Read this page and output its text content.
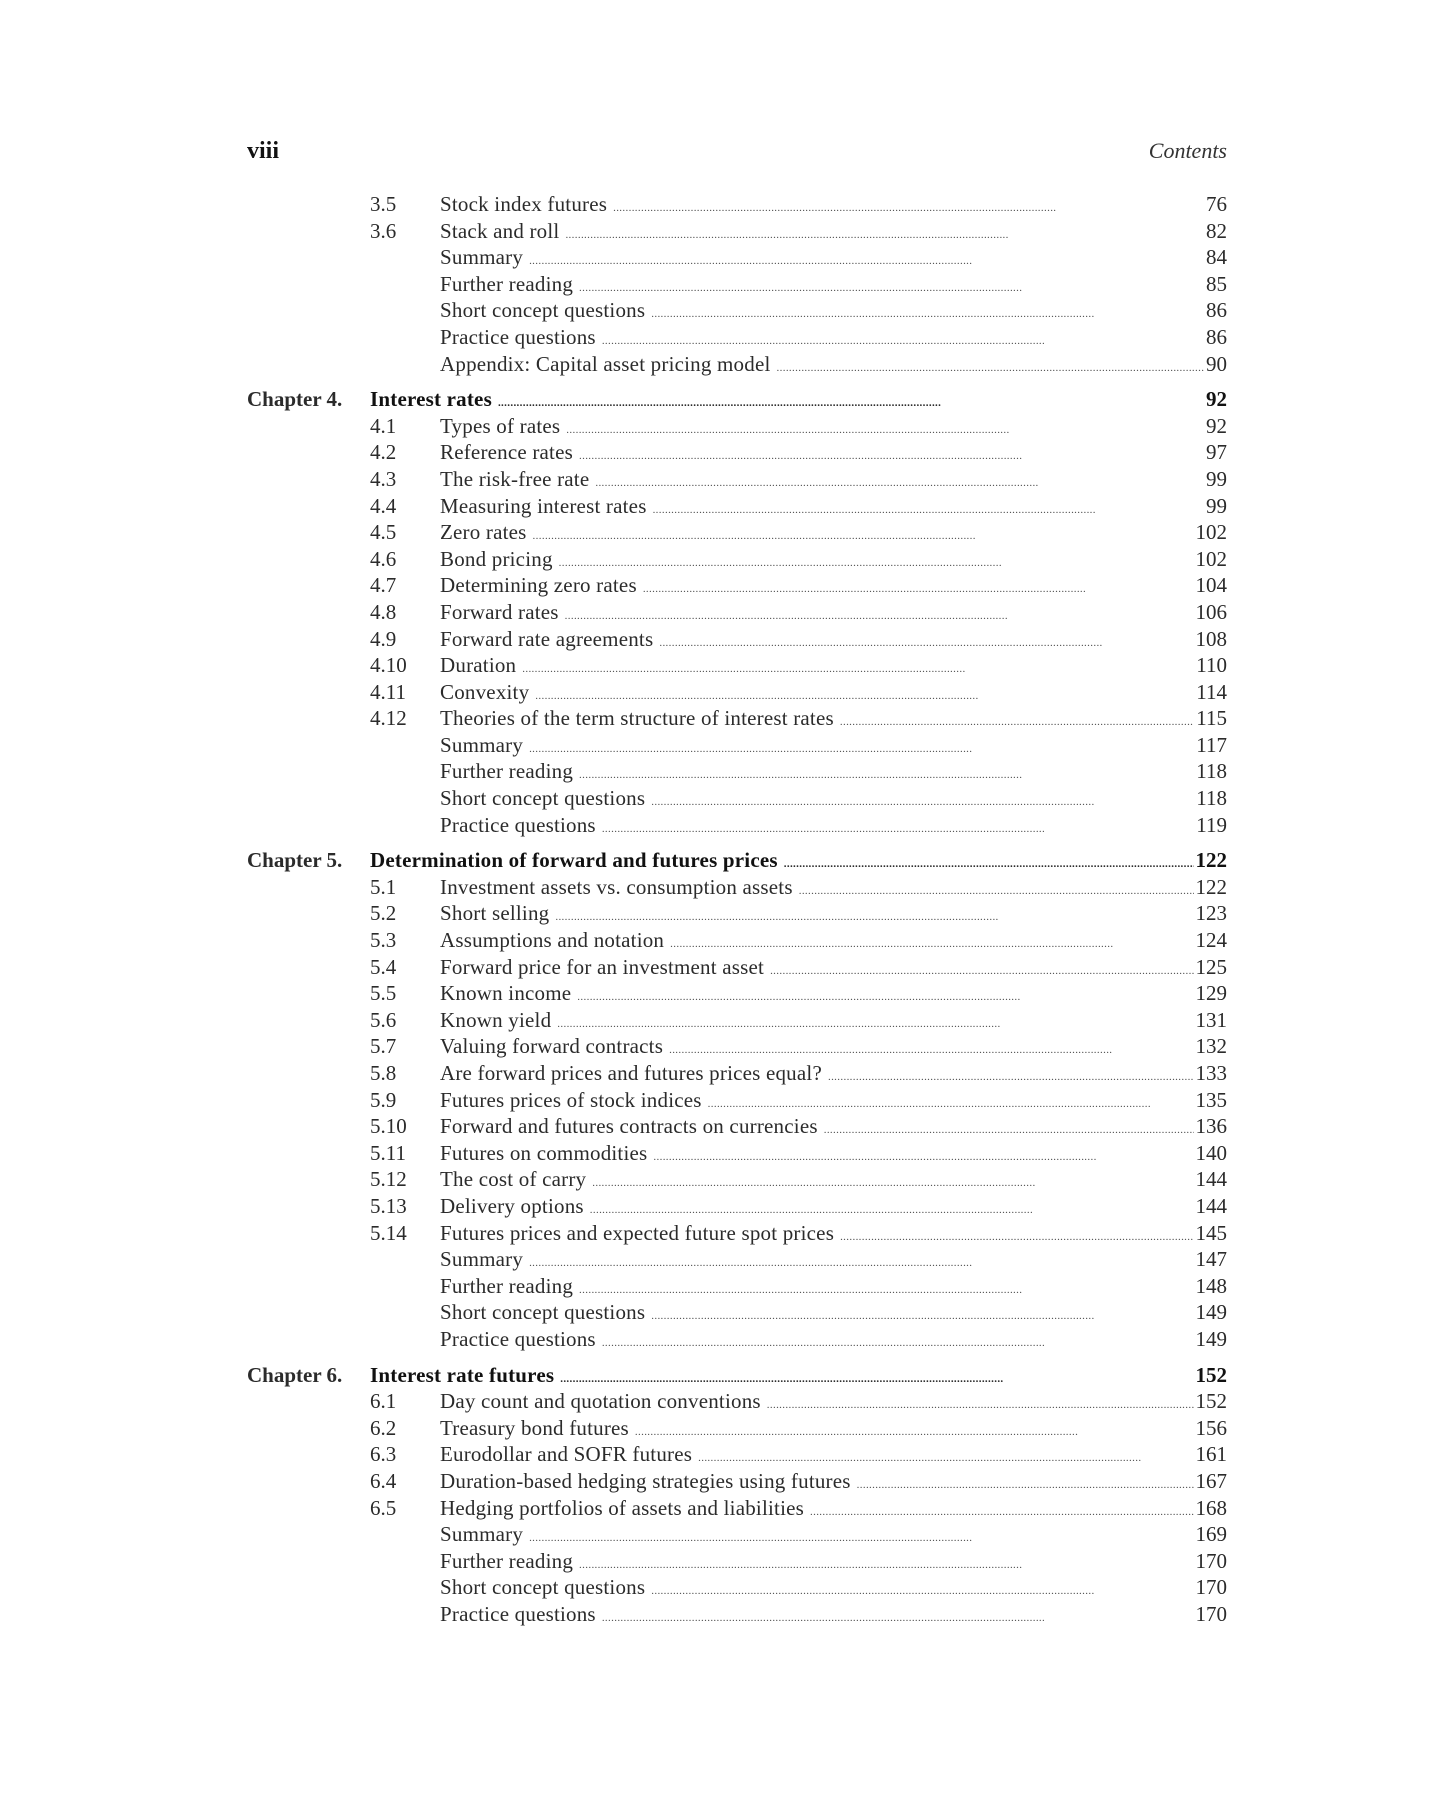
viii	Contents
3.5 Stock index futures . . .	76
3.6 Stack and roll . . .	82
Summary . . .	84
Further reading . . .	85
Short concept questions . . .	86
Practice questions . . .	86
Appendix: Capital asset pricing model . . .	90
Chapter 4. Interest rates . . .	92
4.1 Types of rates . . .	92
4.2 Reference rates . . .	97
4.3 The risk-free rate . . .	99
4.4 Measuring interest rates . . .	99
4.5 Zero rates . . .	102
4.6 Bond pricing . . .	102
4.7 Determining zero rates . . .	104
4.8 Forward rates . . .	106
4.9 Forward rate agreements . . .	108
4.10 Duration . . .	110
4.11 Convexity . . .	114
4.12 Theories of the term structure of interest rates . . .	115
Summary . . .	117
Further reading . . .	118
Short concept questions . . .	118
Practice questions . . .	119
Chapter 5. Determination of forward and futures prices . . .	122
5.1 Investment assets vs. consumption assets . . .	122
5.2 Short selling . . .	123
5.3 Assumptions and notation . . .	124
5.4 Forward price for an investment asset . . .	125
5.5 Known income . . .	129
5.6 Known yield . . .	131
5.7 Valuing forward contracts . . .	132
5.8 Are forward prices and futures prices equal? . . .	133
5.9 Futures prices of stock indices . . .	135
5.10 Forward and futures contracts on currencies . . .	136
5.11 Futures on commodities . . .	140
5.12 The cost of carry . . .	144
5.13 Delivery options . . .	144
5.14 Futures prices and expected future spot prices . . .	145
Summary . . .	147
Further reading . . .	148
Short concept questions . . .	149
Practice questions . . .	149
Chapter 6. Interest rate futures . . .	152
6.1 Day count and quotation conventions . . .	152
6.2 Treasury bond futures . . .	156
6.3 Eurodollar and SOFR futures . . .	161
6.4 Duration-based hedging strategies using futures . . .	167
6.5 Hedging portfolios of assets and liabilities . . .	168
Summary . . .	169
Further reading . . .	170
Short concept questions . . .	170
Practice questions . . .	170
